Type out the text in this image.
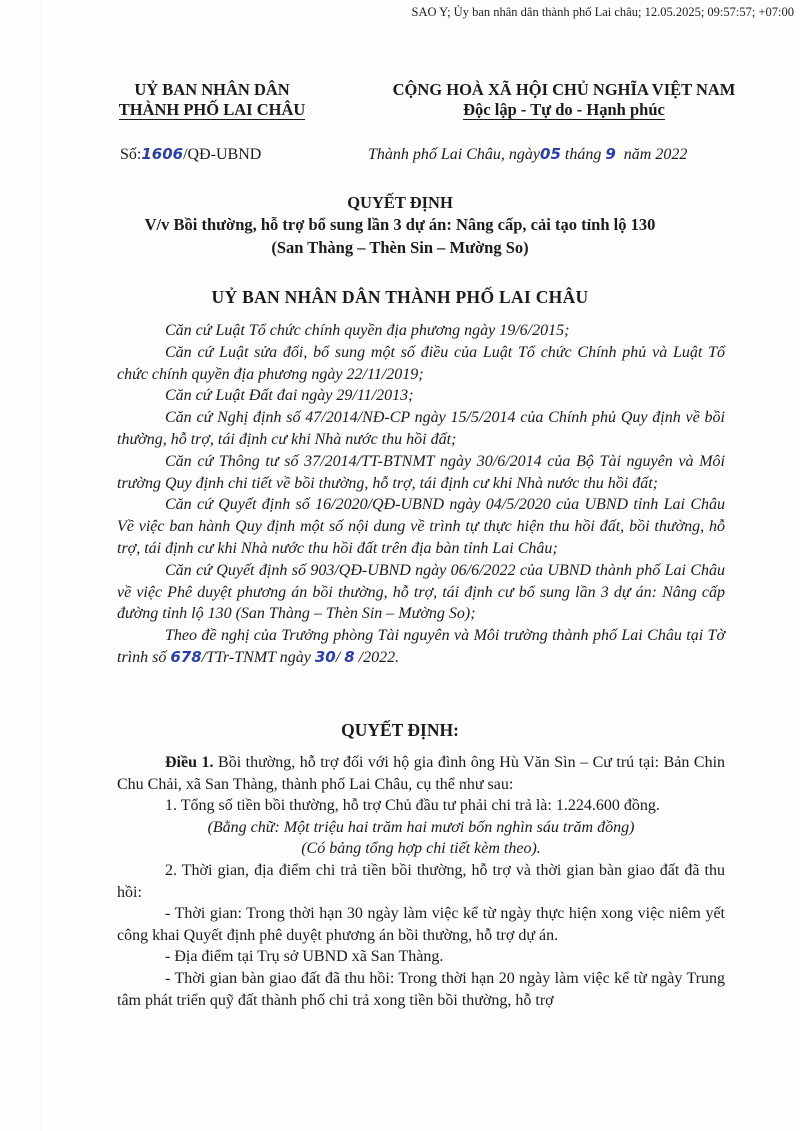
SAO Y; Ủy ban nhân dân thành phố Lai châu; 12.05.2025; 09:57:57; +07:00
UỶ BAN NHÂN DÂN
THÀNH PHỐ LAI CHÂU
CỘNG HOÀ XÃ HỘI CHỦ NGHĨA VIỆT NAM
Độc lập - Tự do - Hạnh phúc
Số:1606/QĐ-UBND	Thành phố Lai Châu, ngày05 tháng 9 năm 2022
QUYẾT ĐỊNH
V/v Bồi thường, hỗ trợ bổ sung lần 3 dự án: Nâng cấp, cải tạo tỉnh lộ 130
(San Thàng – Thèn Sin – Mường So)
UỶ BAN NHÂN DÂN THÀNH PHỐ LAI CHÂU

Căn cứ Luật Tổ chức chính quyền địa phương ngày 19/6/2015;

Căn cứ Luật sửa đổi, bổ sung một số điều của Luật Tổ chức Chính phủ và Luật Tổ chức chính quyền địa phương ngày 22/11/2019;

Căn cứ Luật Đất đai ngày 29/11/2013;

Căn cứ Nghị định số 47/2014/NĐ-CP ngày 15/5/2014 của Chính phủ Quy định về bồi thường, hỗ trợ, tái định cư khi Nhà nước thu hồi đất;

Căn cứ Thông tư số 37/2014/TT-BTNMT ngày 30/6/2014 của Bộ Tài nguyên và Môi trường Quy định chi tiết về bồi thường, hỗ trợ, tái định cư khi Nhà nước thu hồi đất;

Căn cứ Quyết định số 16/2020/QĐ-UBND ngày 04/5/2020 của UBND tỉnh Lai Châu Về việc ban hành Quy định một số nội dung về trình tự thực hiện thu hồi đất, bồi thường, hỗ trợ, tái định cư khi Nhà nước thu hồi đất trên địa bàn tỉnh Lai Châu;

Căn cứ Quyết định số 903/QĐ-UBND ngày 06/6/2022 của UBND thành phố Lai Châu về việc Phê duyệt phương án bồi thường, hỗ trợ, tái định cư bổ sung lần 3 dự án: Nâng cấp đường tỉnh lộ 130 (San Thàng – Thèn Sin – Mường So);

Theo đề nghị của Trưởng phòng Tài nguyên và Môi trường thành phố Lai Châu tại Tờ trình số 678/TTr-TNMT ngày 30/ 8 /2022.

QUYẾT ĐỊNH:

Điều 1. Bồi thường, hỗ trợ đối với hộ gia đình ông Hù Văn Sìn – Cư trú tại: Bản Chin Chu Chải, xã San Thàng, thành phố Lai Châu, cụ thể như sau:

1. Tổng số tiền bồi thường, hỗ trợ Chủ đầu tư phải chi trả là: 1.224.600 đồng.

(Bằng chữ: Một triệu hai trăm hai mươi bốn nghìn sáu trăm đồng)

(Có bảng tổng hợp chi tiết kèm theo).

2. Thời gian, địa điểm chi trả tiền bồi thường, hỗ trợ và thời gian bàn giao đất đã thu hồi:

- Thời gian: Trong thời hạn 30 ngày làm việc kể từ ngày thực hiện xong việc niêm yết công khai Quyết định phê duyệt phương án bồi thường, hỗ trợ dự án.

- Địa điểm tại Trụ sở UBND xã San Thàng.

- Thời gian bàn giao đất đã thu hồi: Trong thời hạn 20 ngày làm việc kể từ ngày Trung tâm phát triển quỹ đất thành phố chi trả xong tiền bồi thường, hỗ trợ
